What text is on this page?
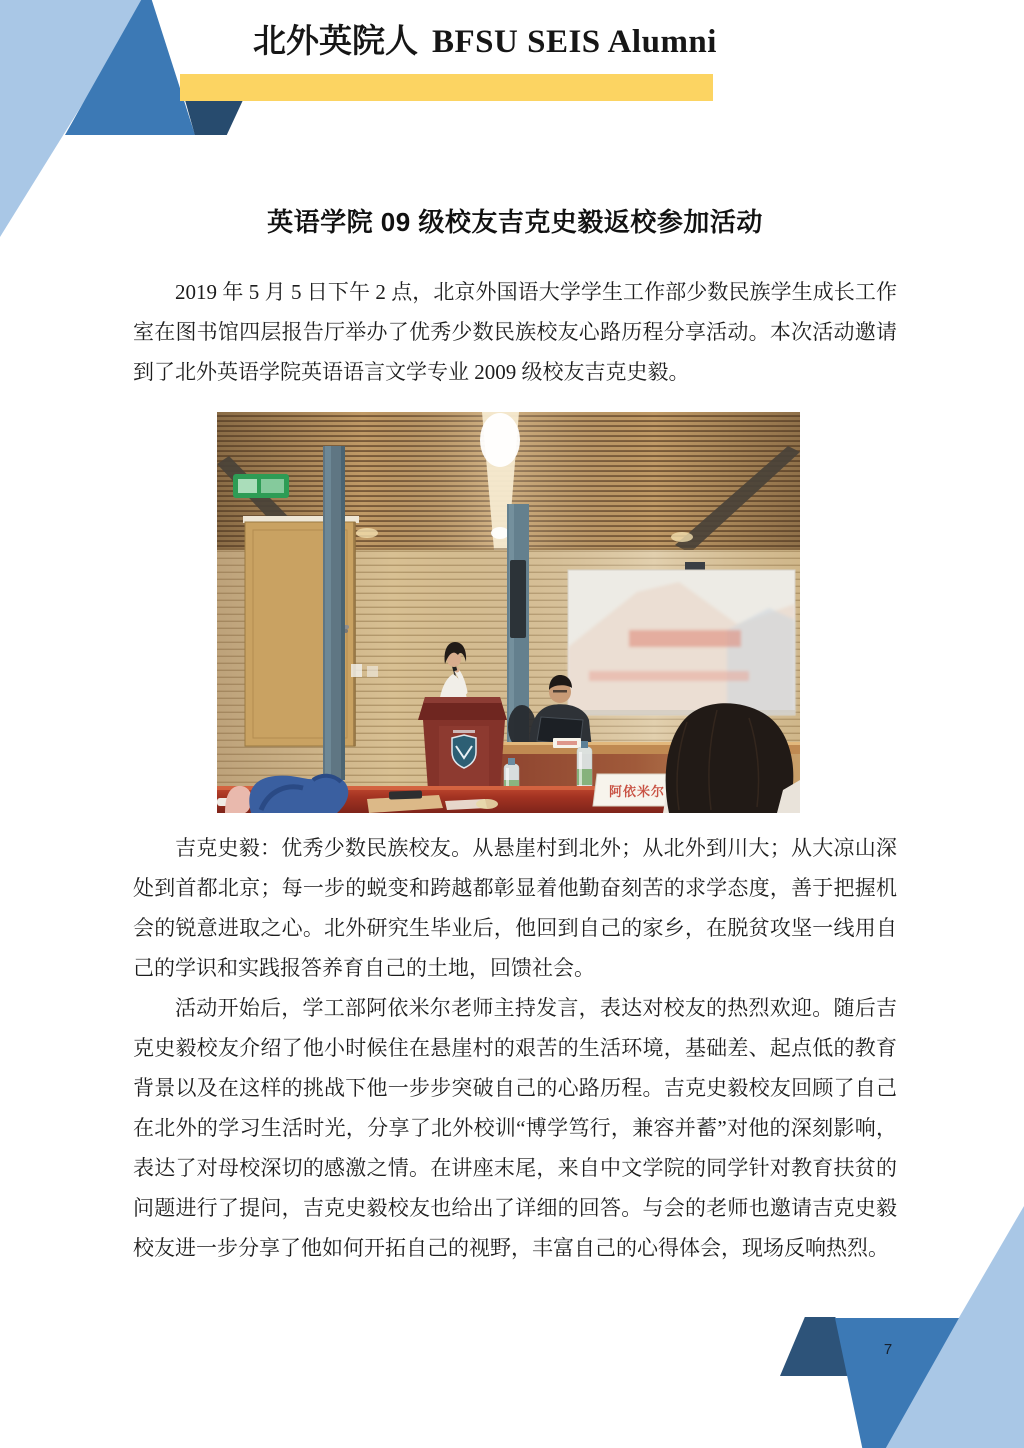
北外英院人 BFSU SEIS Alumni
英语学院 09 级校友吉克史毅返校参加活动

2019 年 5 月 5 日下午 2 点，北京外国语大学学生工作部少数民族学生成长工作室在图书馆四层报告厅举办了优秀少数民族校友心路历程分享活动。本次活动邀请到了北外英语学院英语语言文学专业 2009 级校友吉克史毅。

阿依米尔

吉克史毅：优秀少数民族校友。从悬崖村到北外；从北外到川大；从大凉山深处到首都北京；每一步的蜕变和跨越都彰显着他勤奋刻苦的求学态度，善于把握机会的锐意进取之心。北外研究生毕业后，他回到自己的家乡，在脱贫攻坚一线用自己的学识和实践报答养育自己的土地，回馈社会。

活动开始后，学工部阿依米尔老师主持发言，表达对校友的热烈欢迎。随后吉克史毅校友介绍了他小时候住在悬崖村的艰苦的生活环境，基础差、起点低的教育背景以及在这样的挑战下他一步步突破自己的心路历程。吉克史毅校友回顾了自己在北外的学习生活时光，分享了北外校训“博学笃行，兼容并蓄”对他的深刻影响，表达了对母校深切的感激之情。在讲座末尾，来自中文学院的同学针对教育扶贫的问题进行了提问，吉克史毅校友也给出了详细的回答。与会的老师也邀请吉克史毅校友进一步分享了他如何开拓自己的视野，丰富自己的心得体会，现场反响热烈。

7
